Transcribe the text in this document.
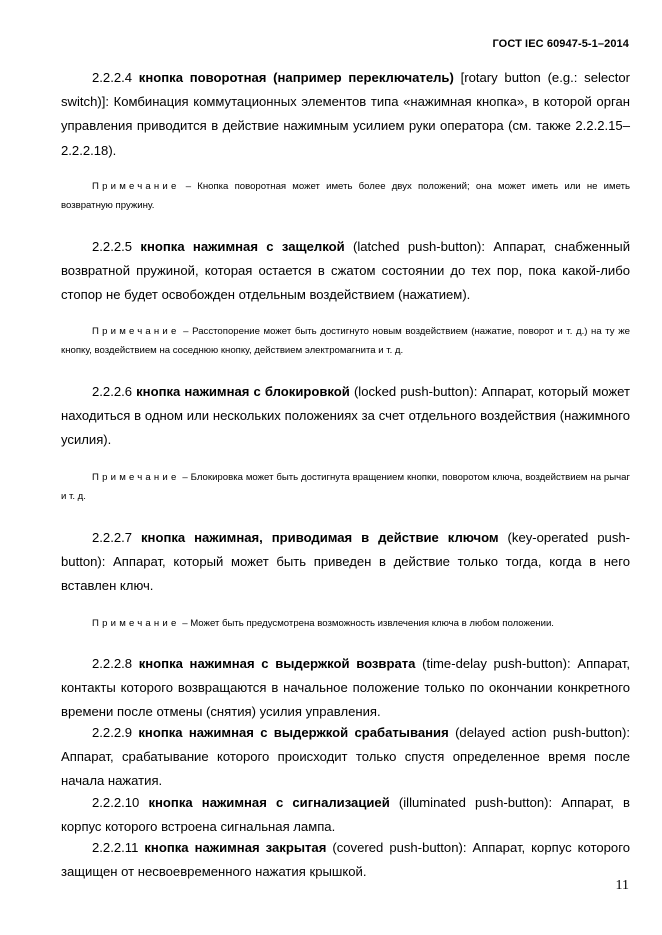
ГОСТ IEC 60947-5-1–2014
2.2.2.4 кнопка поворотная (например переключатель) [rotary button (e.g.: selector switch)]: Комбинация коммутационных элементов типа «нажимная кнопка», в которой орган управления приводится в действие нажимным усилием руки оператора (см. также 2.2.2.15–2.2.2.18).
Примечание – Кнопка поворотная может иметь более двух положений; она может иметь или не иметь возвратную пружину.
2.2.2.5 кнопка нажимная с защелкой (latched push-button): Аппарат, снабженный возвратной пружиной, которая остается в сжатом состоянии до тех пор, пока какой-либо стопор не будет освобожден отдельным воздействием (нажатием).
Примечание – Расстопорение может быть достигнуто новым воздействием (нажатие, поворот и т. д.) на ту же кнопку, воздействием на соседнюю кнопку, действием электромагнита и т. д.
2.2.2.6 кнопка нажимная с блокировкой (locked push-button): Аппарат, который может находиться в одном или нескольких положениях за счет отдельного воздействия (нажимного усилия).
Примечание – Блокировка может быть достигнута вращением кнопки, поворотом ключа, воздействием на рычаг и т. д.
2.2.2.7 кнопка нажимная, приводимая в действие ключом (key-operated push-button): Аппарат, который может быть приведен в действие только тогда, когда в него вставлен ключ.
Примечание – Может быть предусмотрена возможность извлечения ключа в любом положении.
2.2.2.8 кнопка нажимная с выдержкой возврата (time-delay push-button): Аппарат, контакты которого возвращаются в начальное положение только по окончании конкретного времени после отмены (снятия) усилия управления.
2.2.2.9 кнопка нажимная с выдержкой срабатывания (delayed action push-button): Аппарат, срабатывание которого происходит только спустя определенное время после начала нажатия.
2.2.2.10 кнопка нажимная с сигнализацией (illuminated push-button): Аппарат, в корпус которого встроена сигнальная лампа.
2.2.2.11 кнопка нажимная закрытая (covered push-button): Аппарат, корпус которого защищен от несвоевременного нажатия крышкой.
11
